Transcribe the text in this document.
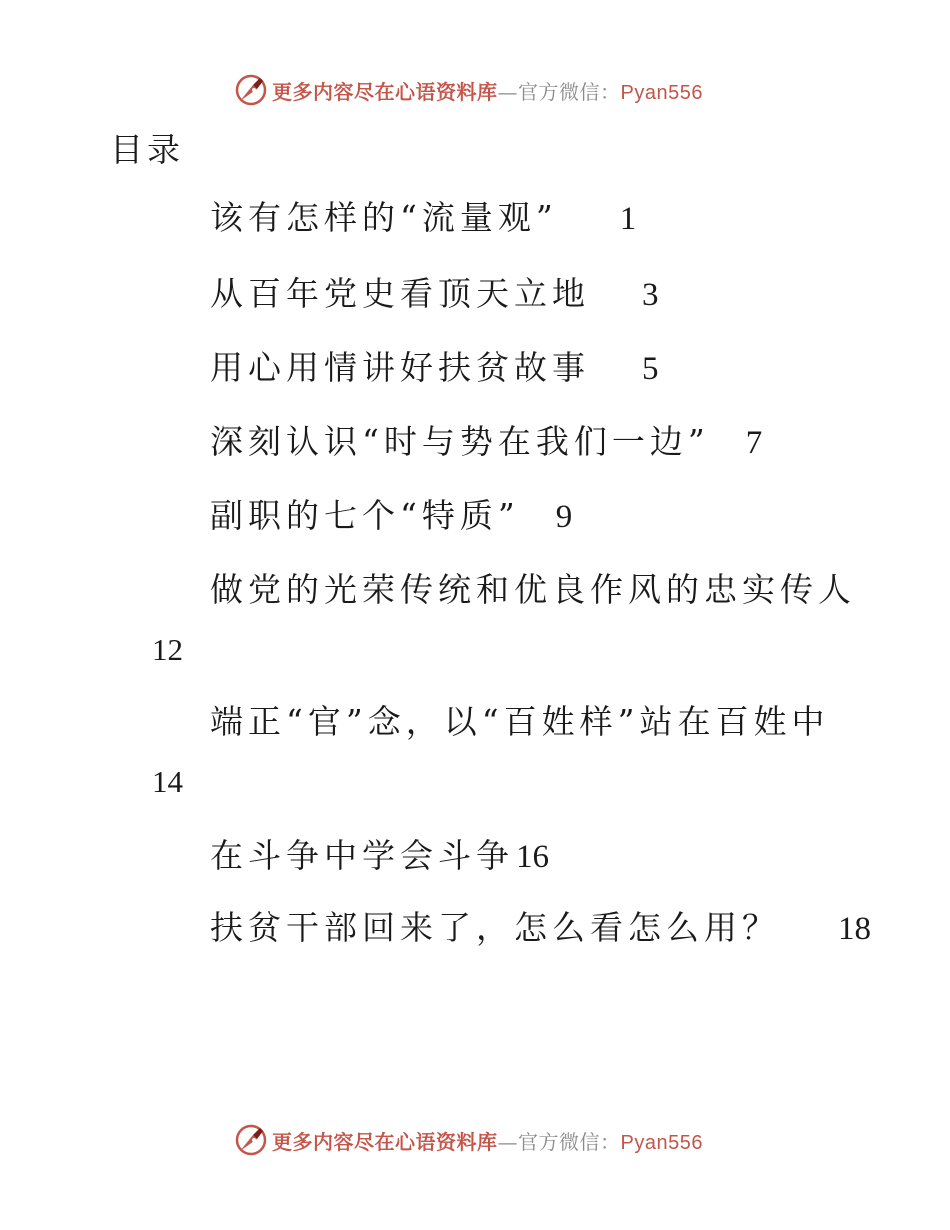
更多内容尽在心语资料库—官方微信：Pyan556
目录
该有怎样的“流量观” 1
从百年党史看顶天立地 3
用心用情讲好扶贫故事 5
深刻认识“时与势在我们一边” 7
副职的七个“特质” 9
做党的光荣传统和优良作风的忠实传人
12
端正“官”念，以“百姓样”站在百姓中
14
在斗争中学会斗争16
扶贫干部回来了，怎么看怎么用？ 18
更多内容尽在心语资料库—官方微信：Pyan556
